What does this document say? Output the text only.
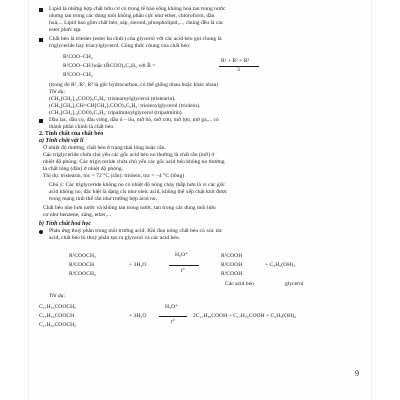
Lipid là những hợp chất hữu cơ có trong tế bào sống không hoà tan trong nước
nhưng tan trong các dung môi không phân cực như ether, chloroform, dầu
hoả,... Lipid bao gồm chất béo, sáp, steroid, phospholipid,..., chúng đều là các
ester phức tạp.
Chất béo là triester (ester ba chức) của glycerol với các acid béo gọi chung là
triglyceride hay triacylglycerol. Công thức chung của chất béo:
R¹COO–CH₂
R²COO–CH hoặc (R̄COO)₃C₃H₅ với R̄ =
R³COO–CH₂
R¹ + R² + R³
3
(trong đó R¹, R², R³ là gốc hydrocarbon, có thể giống nhau hoặc khác nhau)
Thí dụ:
(CH₃[CH₂]₁₆COO)₃C₃H₅: tristearoylglycerol (tristearin).
(CH₃[CH₂]₇CH=CH[CH₂]₇COO)₃C₃H₅: trioleoylglycerol (triolein).
(CH₃[CH₂]₁₄COO)₃C₃H₅: tripalmitoylglycerol (tripalmitin).
Dầu lạc, dầu cọ, dầu vừng, dầu ô – liu, mỡ bò, mỡ cừu, mỡ lợn, mỡ gà,... có
thành phần chính là chất béo.
2. Tính chất của chất béo
a) Tính chất vật lí
Ở nhiệt độ thường, chất béo ở trạng thái lỏng hoặc rắn.
Các triglyceride chứa chủ yếu các gốc acid béo no thường là chất rắn (mỡ) ở
nhiệt độ phòng. Các triglyceride chứa chủ yếu các gốc acid béo không no thường
là chất lỏng (dầu) ở nhiệt độ phòng.
Thí dụ: tristearin, tnc = 72 °C (rắn); triolein, tnc = –4 °C (lỏng)
Chú ý: Các triglyceride không no có nhiệt độ nóng chảy thấp hơn là vì các gốc
acid không no, đặc biệt là dạng cis như oleic acid, không thể xếp chặt khít được
trong mạng tinh thể rắn như trường hợp acid no.
Chất béo nhẹ hơn nước và không tan trong nước, tan trong các dung môi hữu
cơ như benzene, xăng, ether,...
b) Tính chất hoá học
Phản ứng thuỷ phân trong môi trường acid: Khi đun nóng chất béo có xúc tác
acid, chất béo bị thuỷ phân tạo ra glycerol và các acid béo.
R¹COOCH₂
R²COOCH
R³COOCH₂
+ 3H₂O
H₃O⁺
t°
R¹COOH
R²COOH
R³COOH
+ C₃H₅(OH)₃
Các acid béo	glycerol
Thí dụ:
C₁₇H₃₅COOCH₂
C₁₇H₃₅COOCH
C₁₇H₃₅COOCH₂
+ 3H₂O
H₃O⁺
t°
2C₁₇H₃₅COOH + C₁₇H₃₅COOH + C₃H₅(OH)₃
9
